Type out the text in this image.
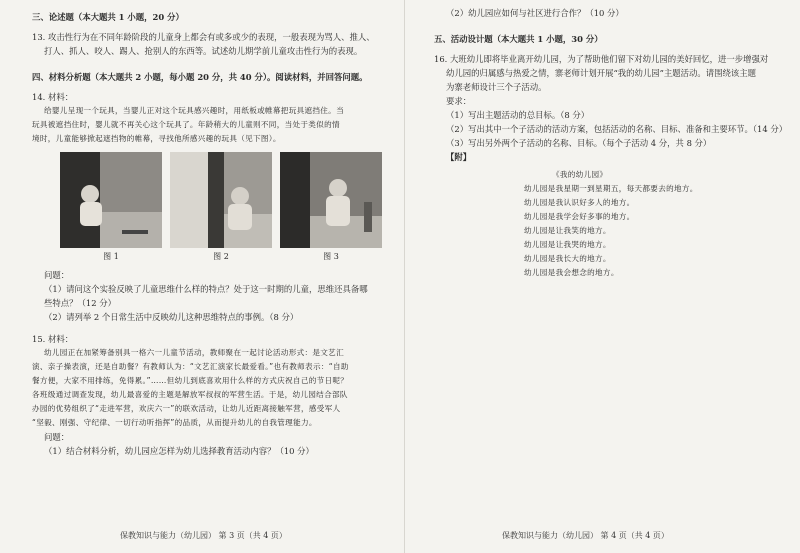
三、论述题（本大题共 1 小题，20 分）

13. 攻击性行为在不同年龄阶段的儿童身上都会有或多或少的表现，一般表现为骂人、推人、

打人、抓人、咬人、踢人、抢别人的东西等。试述幼儿期学前儿童攻击性行为的表现。

四、材料分析题（本大题共 2 小题，每小题 20 分，共 40 分）。阅读材料，并回答问题。

14. 材料：

给婴儿呈现一个玩具，当婴儿正对这个玩具感兴趣时，用纸板或帷幕把玩具遮挡住。当

玩具被遮挡住时，婴儿就不再关心这个玩具了。年龄稍大的儿童则不同，当处于类似的情

境时，儿童能够掀起遮挡物的帷幕，寻找他所感兴趣的玩具（见下图）。

图 1	图 2	图 3

问题：

（1）请问这个实验反映了儿童思维什么样的特点？处于这一时期的儿童，思维还具备哪

些特点？（12 分）

（2）请列举 2 个日常生活中反映幼儿这种思维特点的事例。（8 分）

15. 材料：

幼儿园正在加紧筹备别具一格六一儿童节活动，教师聚在一起讨论活动形式：是文艺汇

演、亲子操表演，还是自助餐？有教师认为：“文艺汇演家长最爱看。”也有教师表示：“自助

餐方便，大家不用排练，免得累。”……但幼儿到底喜欢用什么样的方式庆祝自己的节日呢？

各班级通过调查发现，幼儿最喜爱的主题是解放军叔叔的军营生活。于是，幼儿园结合部队

办园的优势组织了“走进军营，欢庆六一”的联欢活动，让幼儿近距离接触军营，感受军人

“坚毅、刚强、守纪律、一切行动听指挥”的品质，从而提升幼儿的自我管理能力。

问题：

（1）结合材料分析，幼儿园应怎样为幼儿选择教育活动内容？（10 分）

保教知识与能力（幼儿园） 第 3 页（共 4 页）

（2）幼儿园应如何与社区进行合作？（10 分）

五、活动设计题（本大题共 1 小题，30 分）

16. 大班幼儿即将毕业离开幼儿园，为了帮助他们留下对幼儿园的美好回忆，进一步增强对

幼儿园的归属感与热爱之情，寨老师计划开展“我的幼儿园”主题活动。请围绕该主题

为寨老师设计三个子活动。

要求：

（1）写出主题活动的总目标。（8 分）

（2）写出其中一个子活动的活动方案，包括活动的名称、目标、准备和主要环节。（14 分）

（3）写出另外两个子活动的名称、目标。（每个子活动 4 分，共 8 分）

【附】

《我的幼儿园》

幼儿园是我星期一到星期五，每天都要去的地方。

幼儿园是我认识好多人的地方。

幼儿园是我学会好多事的地方。

幼儿园是让我笑的地方。

幼儿园是让我哭的地方。

幼儿园是我长大的地方。

幼儿园是我会想念的地方。

保教知识与能力（幼儿园） 第 4 页（共 4 页）
